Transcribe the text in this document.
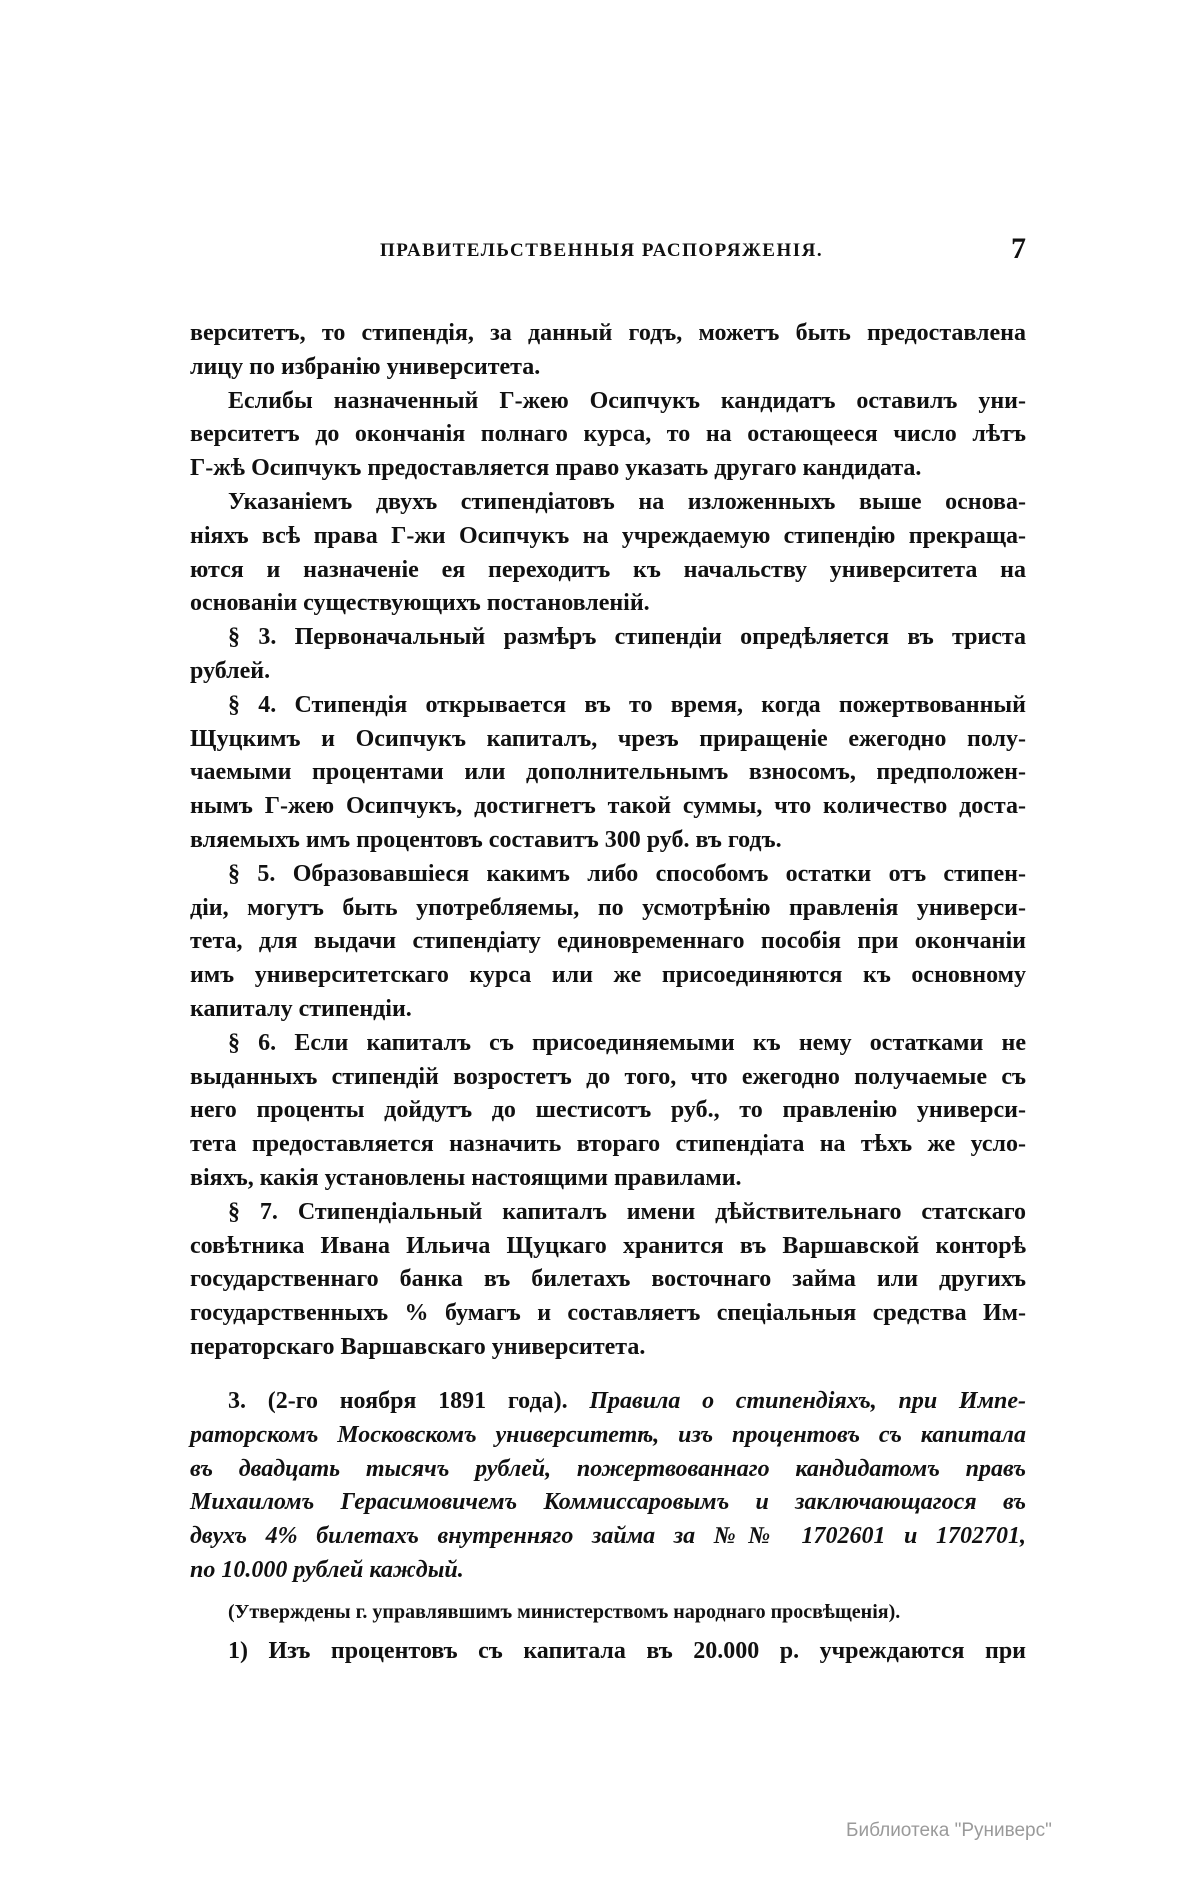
ПРАВИТЕЛЬСТВЕННЫЯ РАСПОРЯЖЕНІЯ.	7
верситетъ, то стипендія, за данный годъ, можетъ быть предоставлена
лицу по избранію университета.
Еслибы назначенный Г-жею Осипчукъ кандидатъ оставилъ уни-
верситетъ до окончанія полнаго курса, то на остающееся число лѣтъ
Г-жѣ Осипчукъ предоставляется право указать другаго кандидата.
Указаніемъ двухъ стипендіатовъ на изложенныхъ выше основа-
ніяхъ всѣ права Г-жи Осипчукъ на учреждаемую стипендію прекраща-
ются и назначеніе ея переходитъ къ начальству университета на
основаніи существующихъ постановленій.
§ 3. Первоначальный размѣръ стипендіи опредѣляется въ триста
рублей.
§ 4. Стипендія открывается въ то время, когда пожертвованный
Щуцкимъ и Осипчукъ капиталъ, чрезъ приращеніе ежегодно полу-
чаемыми процентами или дополнительнымъ взносомъ, предположен-
нымъ Г-жею Осипчукъ, достигнетъ такой суммы, что количество доста-
вляемыхъ имъ процентовъ составитъ 300 руб. въ годъ.
§ 5. Образовавшіеся какимъ либо способомъ остатки отъ стипен-
діи, могутъ быть употребляемы, по усмотрѣнію правленія универси-
тета, для выдачи стипендіату единовременнаго пособія при окончаніи
имъ университетскаго курса или же присоединяются къ основному
капиталу стипендіи.
§ 6. Если капиталъ съ присоединяемыми къ нему остатками не
выданныхъ стипендій возростетъ до того, что ежегодно получаемые съ
него проценты дойдутъ до шестисотъ руб., то правленію универси-
тета предоставляется назначить втораго стипендіата на тѣхъ же усло-
віяхъ, какія установлены настоящими правилами.
§ 7. Стипендіальный капиталъ имени дѣйствительнаго статскаго
совѣтника Ивана Ильича Щуцкаго хранится въ Варшавской конторѣ
государственнаго банка въ билетахъ восточнаго займа или другихъ
государственныхъ % бумагъ и составляетъ спеціальныя средства Им-
ператорскаго Варшавскаго университета.
3. (2-го ноября 1891 года). Правила о стипендіяхъ, при Импе-
раторскомъ Московскомъ университетѣ, изъ процентовъ съ капитала
въ двадцать тысячъ рублей, пожертвованнаго кандидатомъ правъ
Михаиломъ Герасимовичемъ Коммиссаровымъ и заключающагося въ
двухъ 4% билетахъ внутренняго займа за №№ 1702601 и 1702701,
по 10.000 рублей каждый.
(Утверждены г. управлявшимъ министерствомъ народнаго просвѣщенія).
1) Изъ процентовъ съ капитала въ 20.000 р. учреждаются при
Библиотека "Руниверс"
